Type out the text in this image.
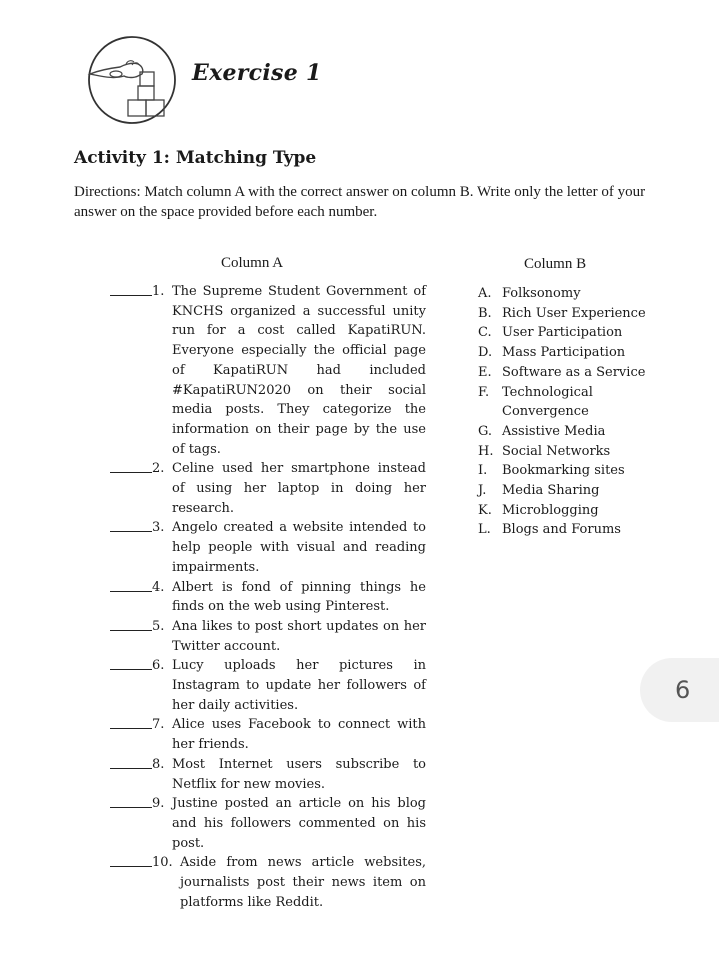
Exercise 1
Activity 1: Matching Type
Directions: Match column A with the correct answer on column B. Write only the letter of your answer on the space provided before each number.
Column A	Column B
1. The Supreme Student Government of KNCHS organized a successful unity run for a cost called KapatiRUN. Everyone especially the official page of KapatiRUN had included #KapatiRUN2020 on their social media posts. They categorize the information on their page by the use of tags.
2. Celine used her smartphone instead of using her laptop in doing her research.
3. Angelo created a website intended to help people with visual and reading impairments.
4. Albert is fond of pinning things he finds on the web using Pinterest.
5. Ana likes to post short updates on her Twitter account.
6. Lucy uploads her pictures in Instagram to update her followers of her daily activities.
7. Alice uses Facebook to connect with her friends.
8. Most Internet users subscribe to Netflix for new movies.
9. Justine posted an article on his blog and his followers commented on his post.
10. Aside from news article websites, journalists post their news item on platforms like Reddit.
A. Folksonomy
B. Rich User Experience
C. User Participation
D. Mass Participation
E. Software as a Service
F. Technological Convergence
G. Assistive Media
H. Social Networks
I.	Bookmarking sites
J.	Media Sharing
K. Microblogging
L. Blogs and Forums
6
